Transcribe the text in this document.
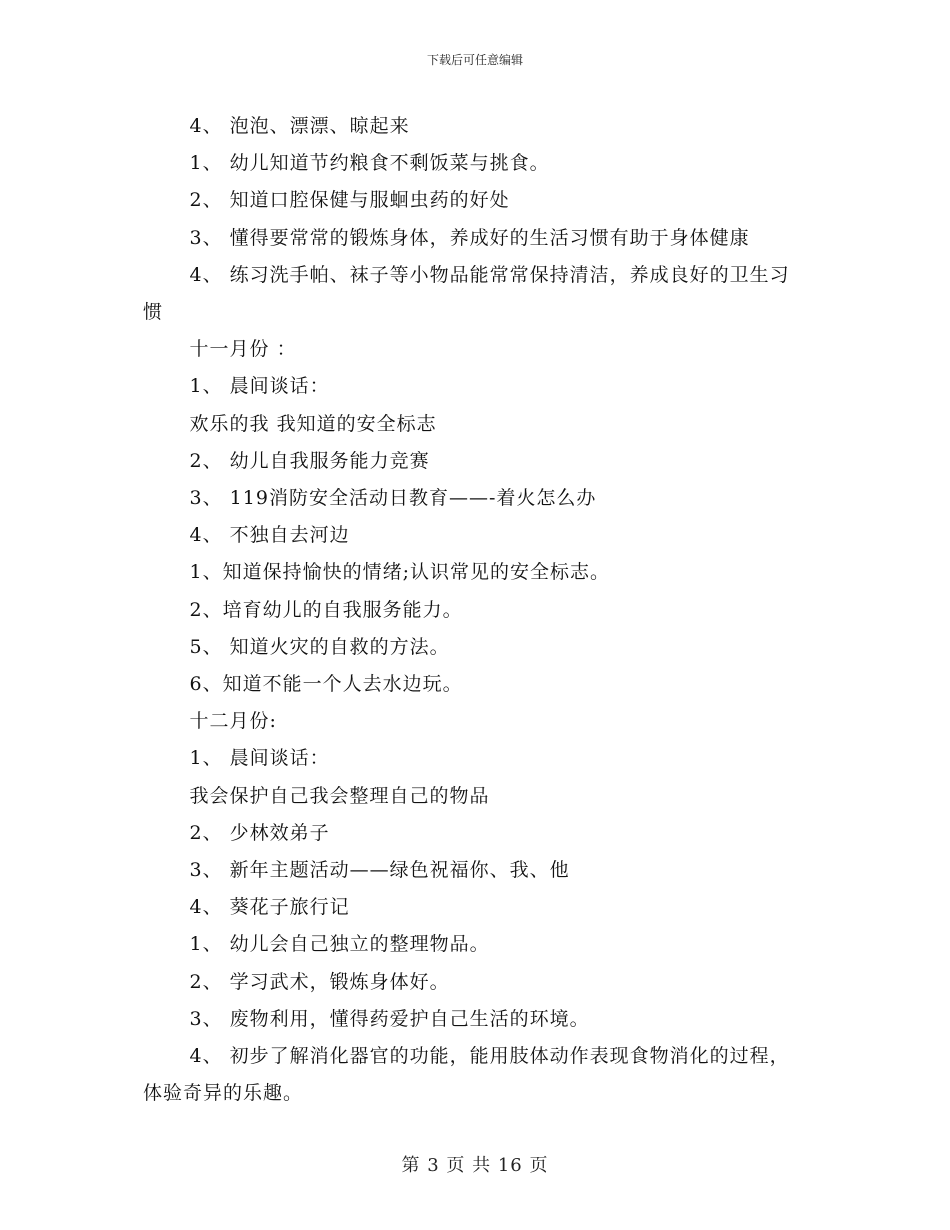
下载后可任意编辑

4、 泡泡、漂漂、晾起来

1、 幼儿知道节约粮食不剩饭菜与挑食。

2、 知道口腔保健与服蛔虫药的好处

3、 懂得要常常的锻炼身体，养成好的生活习惯有助于身体健康

4、 练习洗手帕、袜子等小物品能常常保持清洁，养成良好的卫生习惯

十一月份 ：

1、 晨间谈话：

欢乐的我 我知道的安全标志

2、 幼儿自我服务能力竞赛

3、 119消防安全活动日教育——-着火怎么办

4、 不独自去河边

1、知道保持愉快的情绪;认识常见的安全标志。

2、培育幼儿的自我服务能力。

5、 知道火灾的自救的方法。

6、知道不能一个人去水边玩。

十二月份:

1、 晨间谈话：

我会保护自己我会整理自己的物品

2、 少林效弟子

3、 新年主题活动——绿色祝福你、我、他

4、 葵花子旅行记

1、 幼儿会自己独立的整理物品。

2、 学习武术，锻炼身体好。

3、 废物利用，懂得药爱护自己生活的环境。

4、 初步了解消化器官的功能，能用肢体动作表现食物消化的过程，体验奇异的乐趣。

第 3 页 共 16 页
